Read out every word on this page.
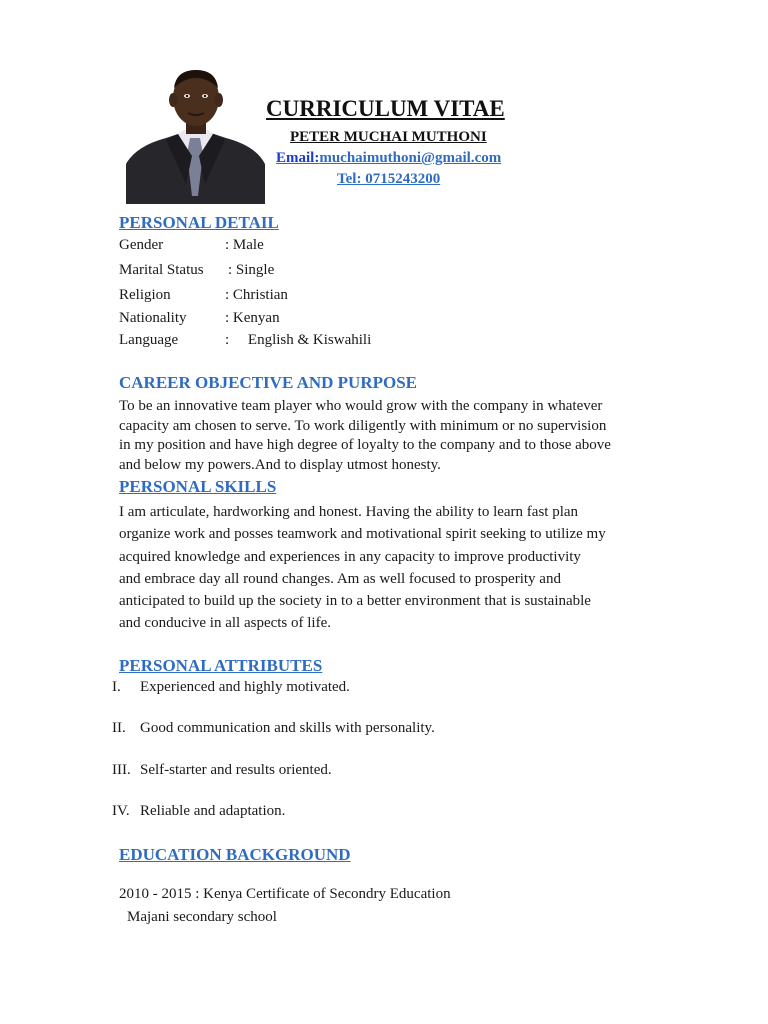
CURRICULUM VITAE
PETER MUCHAI MUTHONI
Email:muchaimuthoni@gmail.com
Tel: 0715243200
PERSONAL DETAIL
Gender	: Male
Marital Status : Single
Religion	: Christian
Nationality	: Kenyan
Language	:     English & Kiswahili
CAREER OBJECTIVE AND PURPOSE
To be an innovative team player who would grow with the company in whatever
capacity am chosen to serve. To work diligently with minimum or no supervision
in my position and have high degree of loyalty to the company and to those above
and below my powers.And to display utmost honesty.
PERSONAL SKILLS
I am articulate, hardworking and honest. Having the ability to learn fast plan
organize work and posses teamwork and motivational spirit seeking to utilize my
acquired knowledge and experiences in any capacity to improve productivity
and embrace day all round changes. Am as well focused to prosperity and
anticipated to build up the society in to a better environment that is sustainable
and conducive in all aspects of life.
PERSONAL ATTRIBUTES
I. Experienced and highly motivated.
II. Good communication and skills with personality.
III. Self-starter and results oriented.
IV. Reliable and adaptation.
EDUCATION BACKGROUND
2010 - 2015 : Kenya Certificate of Secondry Education
Majani secondary school
